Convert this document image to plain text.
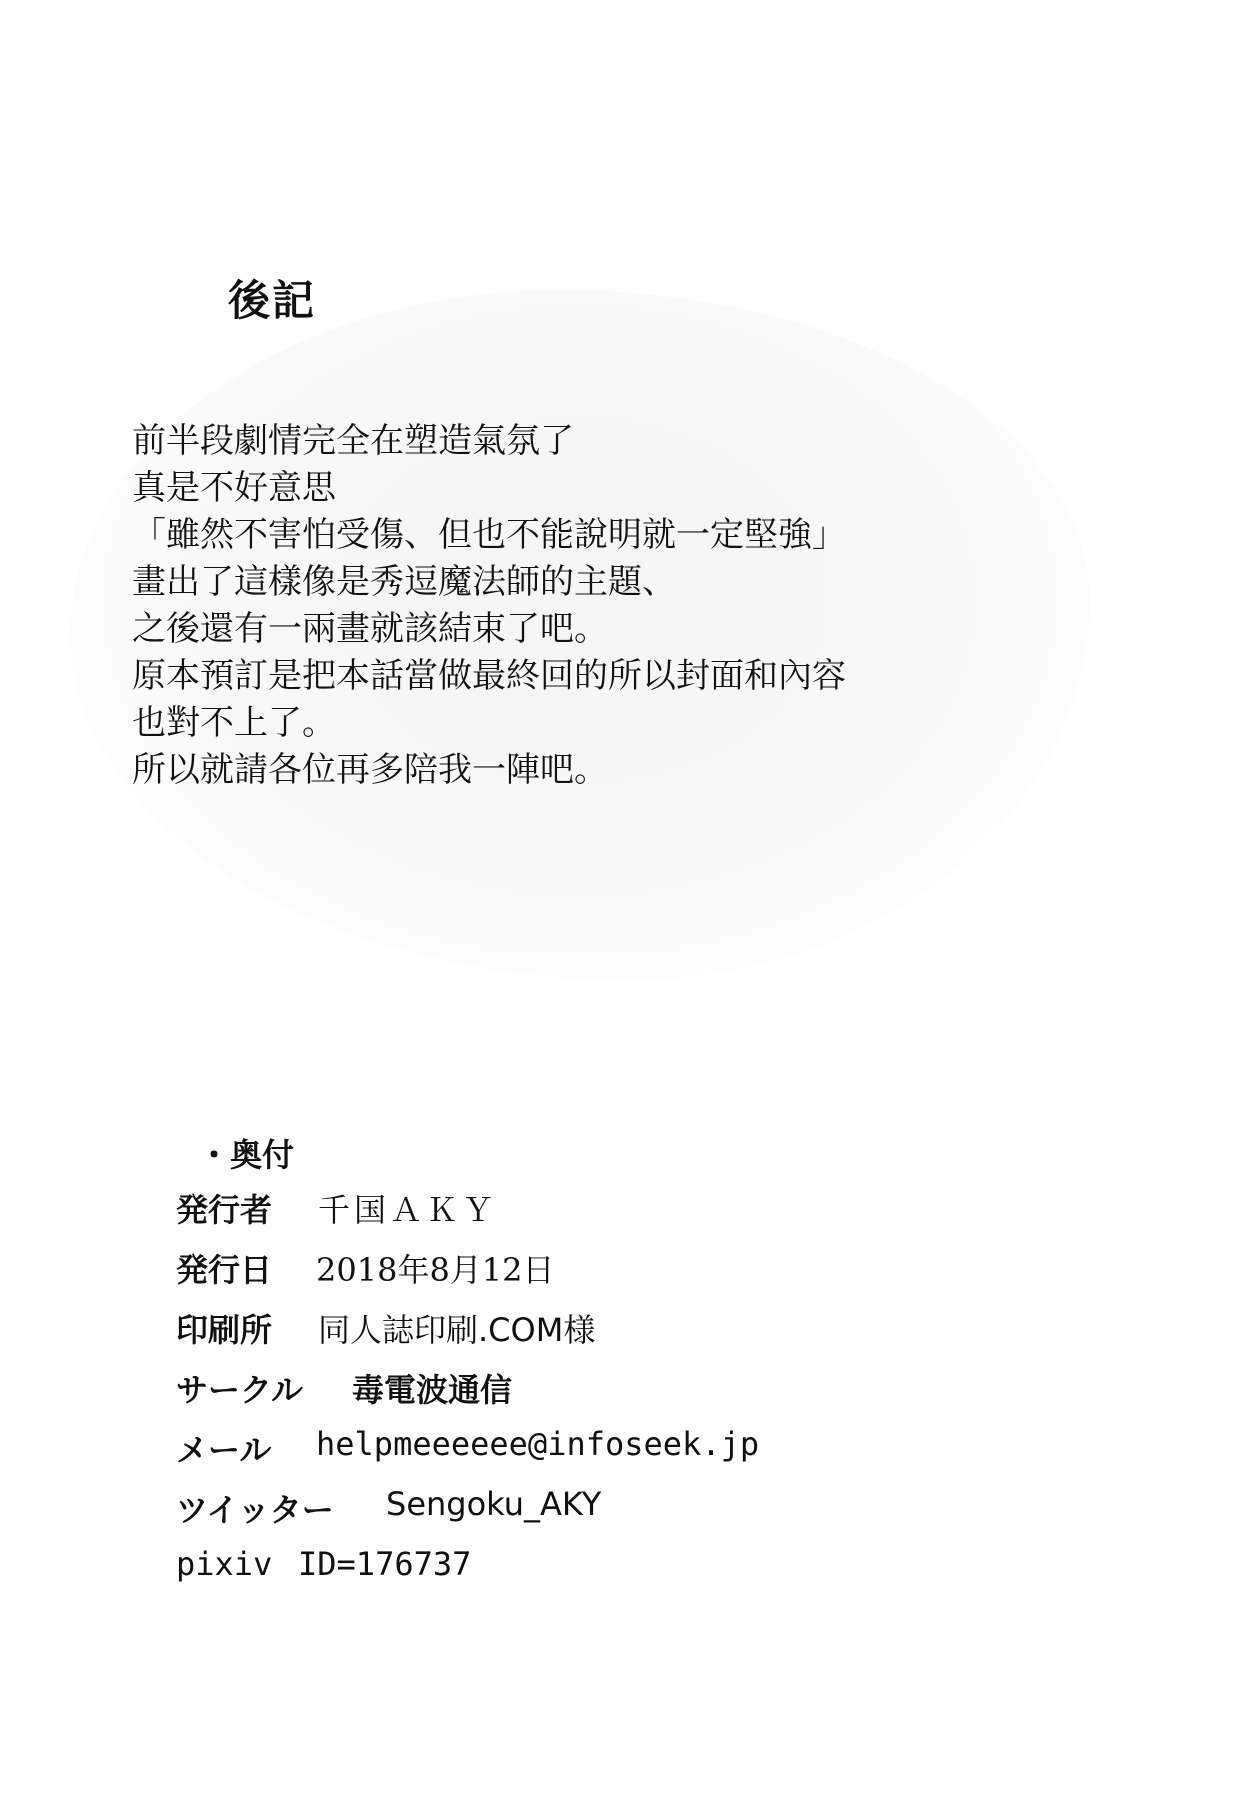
後記
前半段劇情完全在塑造氣氛了
真是不好意思
「雖然不害怕受傷、但也不能說明就一定堅強」
畫出了這樣像是秀逗魔法師的主題、
之後還有一兩畫就該結束了吧。
原本預訂是把本話當做最終回的所以封面和內容
也對不上了。
所以就請各位再多陪我一陣吧。
・奥付
発行者 千国ＡＫＹ
発行日 2018年8月12日
印刷所 同人誌印刷.COM様
サークル 毒電波通信
メール helpmeeeeee@infoseek.jp
ツイッター Sengoku_AKY
pixiv ID=176737
